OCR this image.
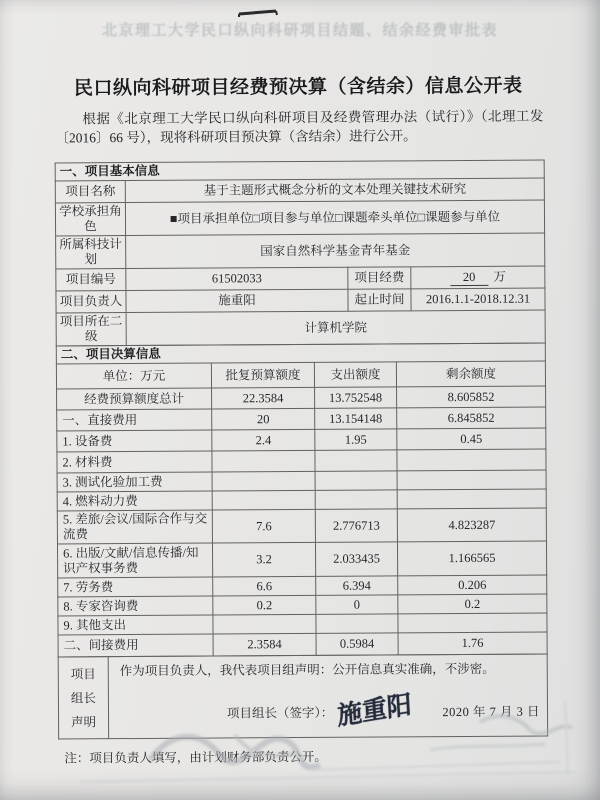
北京理工大学民口纵向科研项目结题、结余经费审批表
民口纵向科研项目经费预决算（含结余）信息公开表

根据《北京理工大学民口纵向科研项目及经费管理办法（试行）》（北理工发〔2016〕66 号），现将科研项目预决算（含结余）进行公开。

一、项目基本信息			
项目名称	基于主题形式概念分析的文本处理关键技术研究		
学校承担角色	■项目承担单位□项目参与单位□课题牵头单位□课题参与单位		
所属科技计划	国家自然科学基金青年基金		
项目编号	61502033	项目经费	20 万
项目负责人	施重阳	起止时间	2016.1.1-2018.12.31
项目所在二级	计算机学院		
二、项目决算信息			
单位：万元	批复预算额度	支出额度	剩余额度
经费预算额度总计	22.3584	13.752548	8.605852
一、直接费用	20	13.154148	6.845852
1. 设备费	2.4	1.95	0.45
2. 材料费			
3. 测试化验加工费			
4. 燃料动力费			
5. 差旅/会议/国际合作与交流费	7.6	2.776713	4.823287
6. 出版/文献/信息传播/知识产权事务费	3.2	2.033435	1.166565
7. 劳务费	6.6	6.394	0.206
8. 专家咨询费	0.2	0	0.2
9. 其他支出			
二、间接费用	2.3584	0.5984	1.76
项目
组长
声明

作为项目负责人，我代表项目组声明：公开信息真实准确，不涉密。
项目组长（签字）： 施重阳 2020 年 7 月 3 日

注：项目负责人填写，由计划财务部负责公开。
